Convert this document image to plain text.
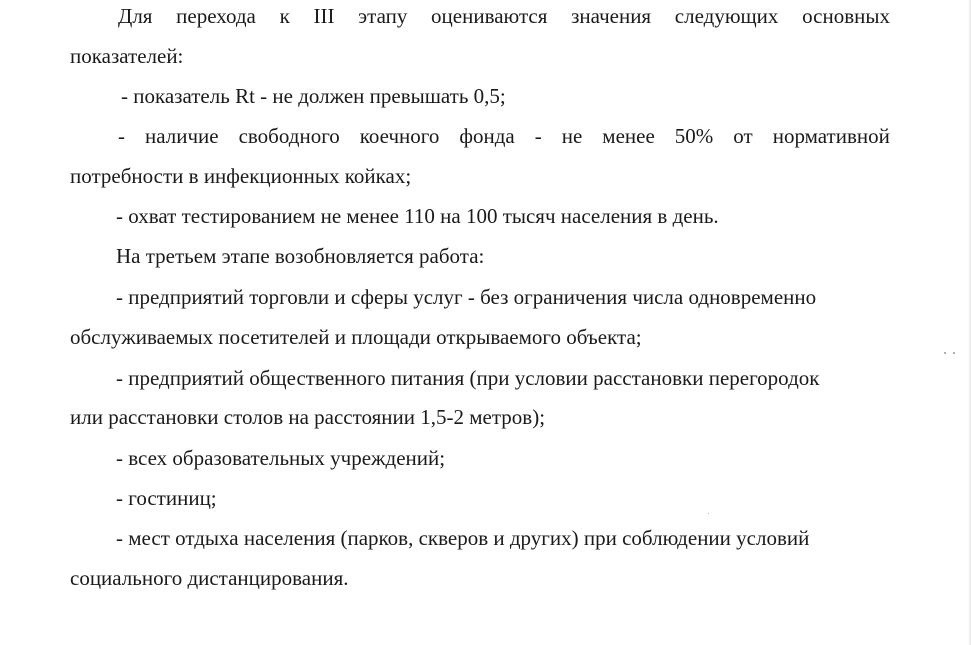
Для перехода к III этапу оцениваются значения следующих основных
показателей:
- показатель Rt - не должен превышать 0,5;
- наличие свободного коечного фонда - не менее 50% от нормативной
потребности в инфекционных койках;
- охват тестированием не менее 110 на 100 тысяч населения в день.
На третьем этапе возобновляется работа:
- предприятий торговли и сферы услуг - без ограничения числа одновременно
обслуживаемых посетителей и площади открываемого объекта;
- предприятий общественного питания (при условии расстановки перегородок
или расстановки столов на расстоянии 1,5-2 метров);
- всех образовательных учреждений;
- гостиниц;
- мест отдыха населения (парков, скверов и других) при соблюдении условий
социального дистанцирования.
